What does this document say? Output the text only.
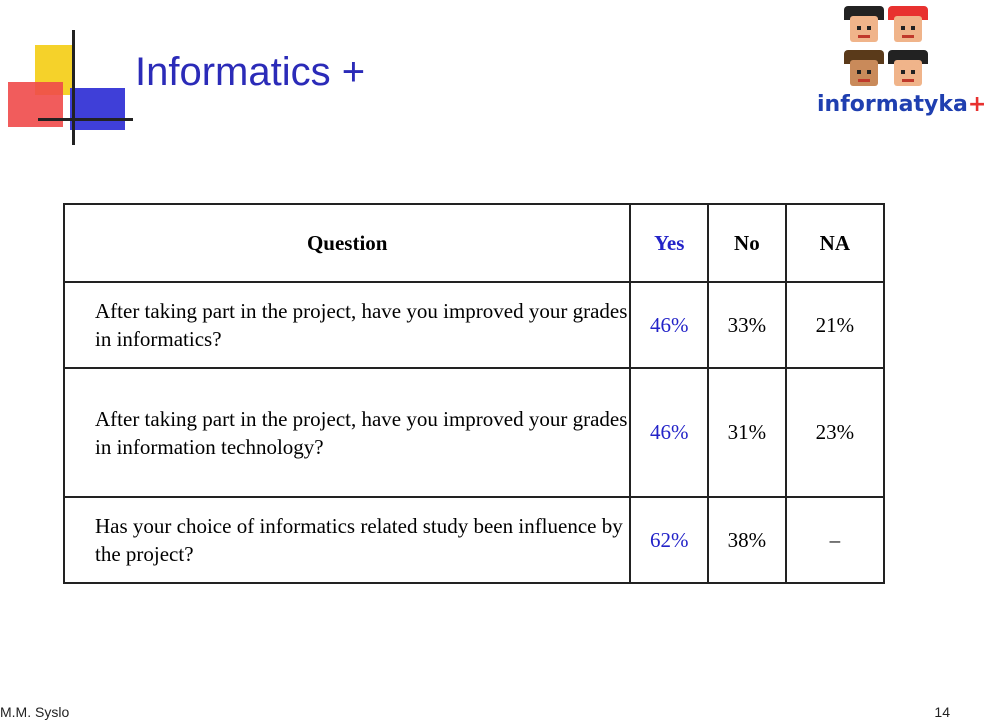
E Informatics +
informatyka+
Question	Yes	No	NA
After taking part in the project, have you improved your grades in informatics?	46%	33%	21%
After taking part in the project, have you improved your grades in information technology?	46%	31%	23%
Has your choice of informatics related study been influence by the project?	62%	38%	–
M.M. Syslo	14
